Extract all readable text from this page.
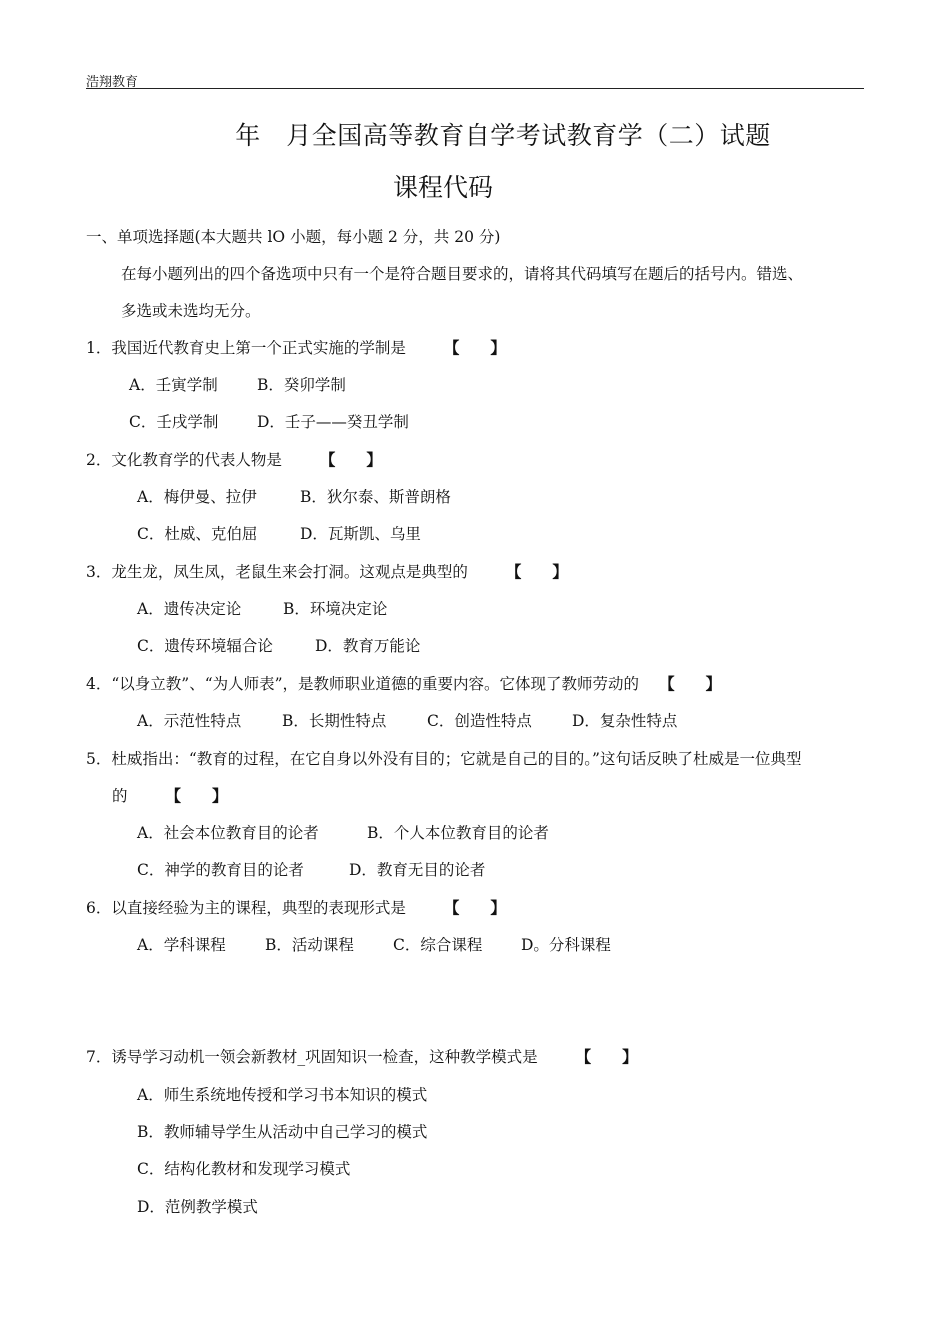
浩翔教育
年　月全国高等教育自学考试教育学（二）试题
课程代码
一、单项选择题(本大题共 lO 小题，每小题 2 分，共 20 分)
在每小题列出的四个备选项中只有一个是符合题目要求的，请将其代码填写在题后的括号内。错选、
多选或未选均无分。
1．我国近代教育史上第一个正式实施的学制是 【　　】
A．壬寅学制	B．癸卯学制
C．壬戌学制 D．壬子——癸丑学制
2．文化教育学的代表人物是 【　　】
A．梅伊曼、拉伊	B．狄尔泰、斯普朗格
C．杜威、克伯屈	D．瓦斯凯、乌里
3．龙生龙，凤生凤，老鼠生来会打洞。这观点是典型的 【　　】
A．遗传决定论	B．环境决定论
C．遗传环境辐合论	D．教育万能论
4．“以身立教”、“为人师表”，是教师职业道德的重要内容。它体现了教师劳动的 【　　】
A．示范性特点	B．长期性特点	C．创造性特点	D．复杂性特点
5．杜威指出：“教育的过程，在它自身以外没有目的；它就是自己的目的。”这句话反映了杜威是一位典型
的 【　　】
A．社会本位教育目的论者	B．个人本位教育目的论者
C．神学的教育目的论者	D．教育无目的论者
6．以直接经验为主的课程，典型的表现形式是 【　　】
A．学科课程	B．活动课程	C．综合课程 D。分科课程
7．诱导学习动机一领会新教材_巩固知识一检查，这种教学模式是 【　　】
A．师生系统地传授和学习书本知识的模式
B．教师辅导学生从活动中自己学习的模式
C．结构化教材和发现学习模式
D．范例教学模式
